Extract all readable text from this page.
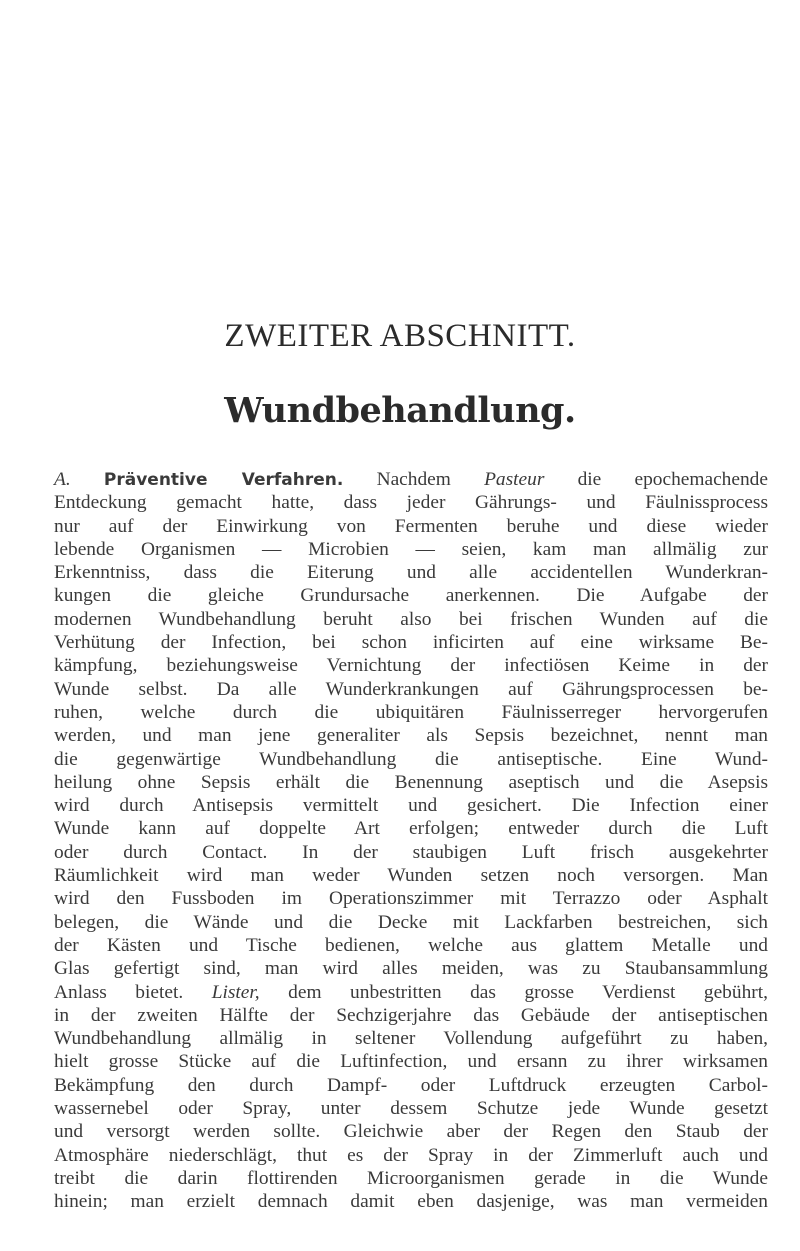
ZWEITER ABSCHNITT.
Wundbehandlung.
A. Präventive Verfahren. Nachdem Pasteur die epochemachende
Entdeckung gemacht hatte, dass jeder Gährungs- und Fäulnissprocess
nur auf der Einwirkung von Fermenten beruhe und diese wieder
lebende Organismen — Microbien — seien, kam man allmälig zur
Erkenntniss, dass die Eiterung und alle accidentellen Wunderkran-
kungen die gleiche Grundursache anerkennen. Die Aufgabe der
modernen Wundbehandlung beruht also bei frischen Wunden auf die
Verhütung der Infection, bei schon inficirten auf eine wirksame Be-
kämpfung, beziehungsweise Vernichtung der infectiösen Keime in der
Wunde selbst. Da alle Wunderkrankungen auf Gährungsprocessen be-
ruhen, welche durch die ubiquitären Fäulnisserreger hervorgerufen
werden, und man jene generaliter als Sepsis bezeichnet, nennt man
die gegenwärtige Wundbehandlung die antiseptische. Eine Wund-
heilung ohne Sepsis erhält die Benennung aseptisch und die Asepsis
wird durch Antisepsis vermittelt und gesichert. Die Infection einer
Wunde kann auf doppelte Art erfolgen; entweder durch die Luft
oder durch Contact. In der staubigen Luft frisch ausgekehrter
Räumlichkeit wird man weder Wunden setzen noch versorgen. Man
wird den Fussboden im Operationszimmer mit Terrazzo oder Asphalt
belegen, die Wände und die Decke mit Lackfarben bestreichen, sich
der Kästen und Tische bedienen, welche aus glattem Metalle und
Glas gefertigt sind, man wird alles meiden, was zu Staubansammlung
Anlass bietet. Lister, dem unbestritten das grosse Verdienst gebührt,
in der zweiten Hälfte der Sechzigerjahre das Gebäude der antiseptischen
Wundbehandlung allmälig in seltener Vollendung aufgeführt zu haben,
hielt grosse Stücke auf die Luftinfection, und ersann zu ihrer wirksamen
Bekämpfung den durch Dampf- oder Luftdruck erzeugten Carbol-
wassernebel oder Spray, unter dessem Schutze jede Wunde gesetzt
und versorgt werden sollte. Gleichwie aber der Regen den Staub der
Atmosphäre niederschlägt, thut es der Spray in der Zimmerluft auch und
treibt die darin flottirenden Microorganismen gerade in die Wunde
hinein; man erzielt demnach damit eben dasjenige, was man vermeiden
